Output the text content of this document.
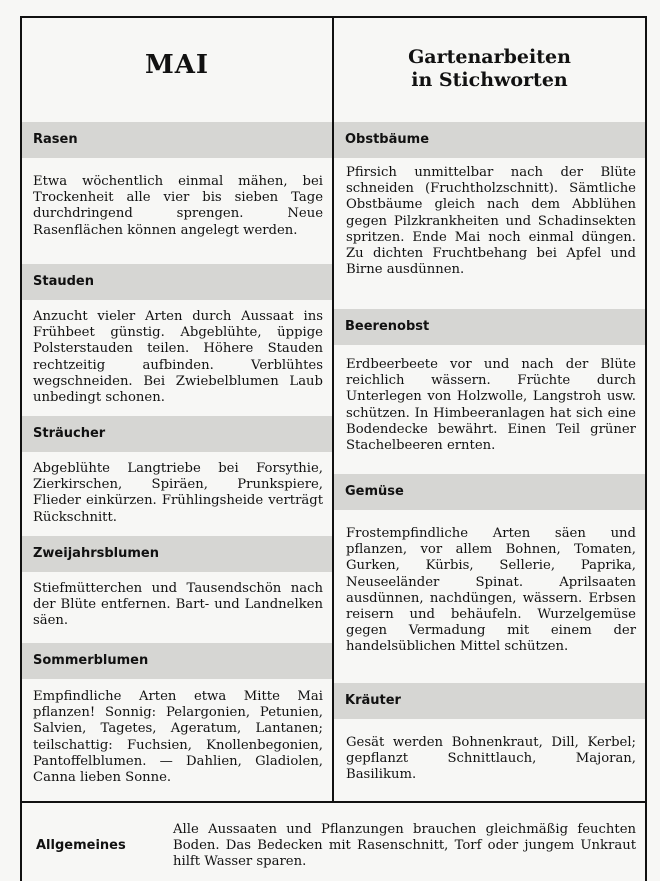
MAI	Gartenarbeiten
in Stichworten
Rasen

Etwa wöchentlich einmal mähen, bei Trockenheit alle vier bis sieben Tage durchdringend sprengen. Neue Rasenflächen können angelegt werden.

Stauden

Anzucht vieler Arten durch Aussaat ins Frühbeet günstig. Abgeblühte, üppige Polsterstauden teilen. Höhere Stauden rechtzeitig aufbinden. Verblühtes wegschneiden. Bei Zwiebelblumen Laub unbedingt schonen.

Sträucher

Abgeblühte Langtriebe bei Forsythie, Zierkirschen, Spiräen, Prunkspiere, Flieder einkürzen. Frühlingsheide verträgt Rückschnitt.

Zweijahrsblumen

Stiefmütterchen und Tausendschön nach der Blüte entfernen. Bart- und Landnelken säen.

Sommerblumen

Empfindliche Arten etwa Mitte Mai pflanzen! Sonnig: Pelargonien, Petunien, Salvien, Tagetes, Ageratum, Lantanen; teilschattig: Fuchsien, Knollenbegonien, Pantoffelblumen. — Dahlien, Gladiolen, Canna lieben Sonne.

Obstbäume

Pfirsich unmittelbar nach der Blüte schneiden (Fruchtholzschnitt). Sämtliche Obstbäume gleich nach dem Abblühen gegen Pilzkrankheiten und Schadinsekten spritzen. Ende Mai noch einmal düngen. Zu dichten Fruchtbehang bei Apfel und Birne ausdünnen.

Beerenobst

Erdbeerbeete vor und nach der Blüte reichlich wässern. Früchte durch Unterlegen von Holzwolle, Langstroh usw. schützen. In Himbeeranlagen hat sich eine Bodendecke bewährt. Einen Teil grüner Stachelbeeren ernten.

Gemüse

Frostempfindliche Arten säen und pflanzen, vor allem Bohnen, Tomaten, Gurken, Kürbis, Sellerie, Paprika, Neuseeländer Spinat. Aprilsaaten ausdünnen, nachdüngen, wässern. Erbsen reisern und behäufeln. Wurzelgemüse gegen Vermadung mit einem der handelsüblichen Mittel schützen.

Kräuter

Gesät werden Bohnenkraut, Dill, Kerbel; gepflanzt Schnittlauch, Majoran, Basilikum.

Allgemeines

Alle Aussaaten und Pflanzungen brauchen gleichmäßig feuchten Boden. Das Bedecken mit Rasenschnitt, Torf oder jungem Unkraut hilft Wasser sparen.
